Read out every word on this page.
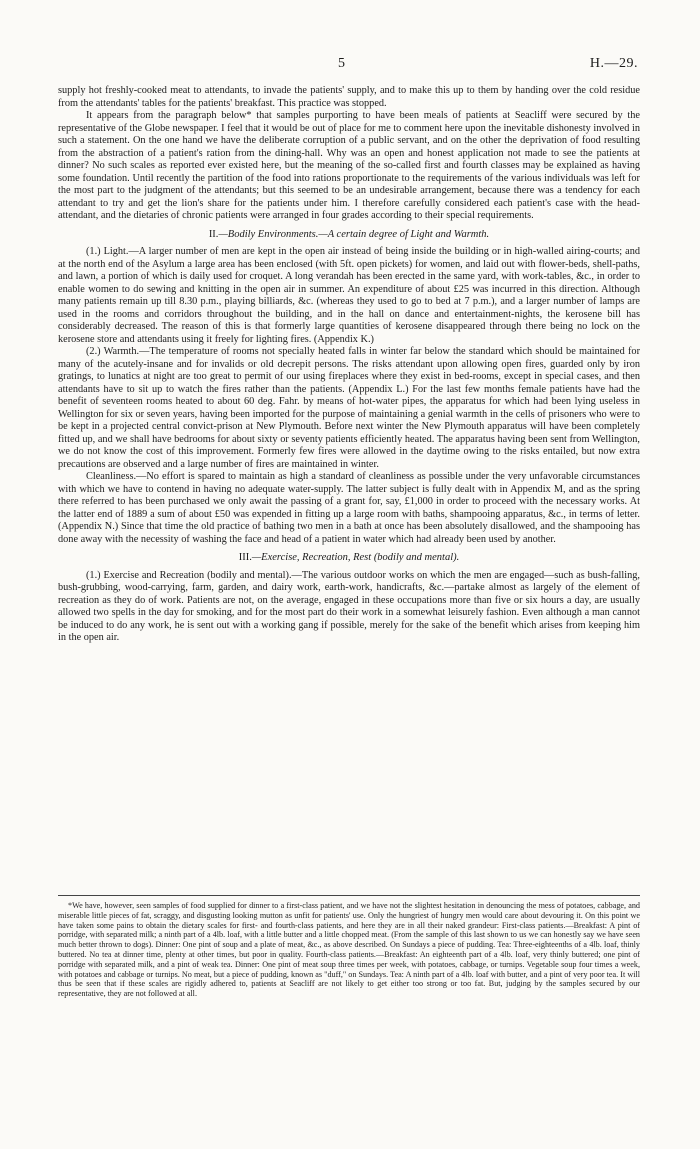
5	H.—29.

supply hot freshly-cooked meat to attendants, to invade the patients' supply, and to make this up to them by handing over the cold residue from the attendants' tables for the patients' breakfast. This practice was stopped.

It appears from the paragraph below* that samples purporting to have been meals of patients at Seacliff were secured by the representative of the Globe newspaper. I feel that it would be out of place for me to comment here upon the inevitable dishonesty involved in such a statement. On the one hand we have the deliberate corruption of a public servant, and on the other the deprivation of food resulting from the abstraction of a patient's ration from the dining-hall. Why was an open and honest application not made to see the patients at dinner? No such scales as reported ever existed here, but the meaning of the so-called first and fourth classes may be explained as having some foundation. Until recently the partition of the food into rations proportionate to the requirements of the various individuals was left for the most part to the judgment of the attendants; but this seemed to be an undesirable arrangement, because there was a tendency for each attendant to try and get the lion's share for the patients under him. I therefore carefully considered each patient's case with the head-attendant, and the dietaries of chronic patients were arranged in four grades according to their special requirements.

II.—Bodily Environments.—A certain degree of Light and Warmth.

(1.) Light.—A larger number of men are kept in the open air instead of being inside the building or in high-walled airing-courts; and at the north end of the Asylum a large area has been enclosed (with 5ft. open pickets) for women, and laid out with flower-beds, shell-paths, and lawn, a portion of which is daily used for croquet. A long verandah has been erected in the same yard, with work-tables, &c., in order to enable women to do sewing and knitting in the open air in summer. An expenditure of about £25 was incurred in this direction. Although many patients remain up till 8.30 p.m., playing billiards, &c. (whereas they used to go to bed at 7 p.m.), and a larger number of lamps are used in the rooms and corridors throughout the building, and in the hall on dance and entertainment-nights, the kerosene bill has considerably decreased. The reason of this is that formerly large quantities of kerosene disappeared through there being no lock on the kerosene store and attendants using it freely for lighting fires. (Appendix K.)

(2.) Warmth.—The temperature of rooms not specially heated falls in winter far below the standard which should be maintained for many of the acutely-insane and for invalids or old decrepit persons. The risks attendant upon allowing open fires, guarded only by iron gratings, to lunatics at night are too great to permit of our using fireplaces where they exist in bed-rooms, except in special cases, and then attendants have to sit up to watch the fires rather than the patients. (Appendix L.) For the last few months female patients have had the benefit of seventeen rooms heated to about 60 deg. Fahr. by means of hot-water pipes, the apparatus for which had been lying useless in Wellington for six or seven years, having been imported for the purpose of maintaining a genial warmth in the cells of prisoners who were to be kept in a projected central convict-prison at New Plymouth. Before next winter the New Plymouth apparatus will have been completely fitted up, and we shall have bedrooms for about sixty or seventy patients efficiently heated. The apparatus having been sent from Wellington, we do not know the cost of this improvement. Formerly few fires were allowed in the daytime owing to the risks entailed, but now extra precautions are observed and a large number of fires are maintained in winter.

Cleanliness.—No effort is spared to maintain as high a standard of cleanliness as possible under the very unfavorable circumstances with which we have to contend in having no adequate water-supply. The latter subject is fully dealt with in Appendix M, and as the spring there referred to has been purchased we only await the passing of a grant for, say, £1,000 in order to proceed with the necessary works. At the latter end of 1889 a sum of about £50 was expended in fitting up a large room with baths, shampooing apparatus, &c., in terms of letter. (Appendix N.) Since that time the old practice of bathing two men in a bath at once has been absolutely disallowed, and the shampooing has done away with the necessity of washing the face and head of a patient in water which had already been used by another.

III.—Exercise, Recreation, Rest (bodily and mental).

(1.) Exercise and Recreation (bodily and mental).—The various outdoor works on which the men are engaged—such as bush-falling, bush-grubbing, wood-carrying, farm, garden, and dairy work, earth-work, handicrafts, &c.—partake almost as largely of the element of recreation as they do of work. Patients are not, on the average, engaged in these occupations more than five or six hours a day, are usually allowed two spells in the day for smoking, and for the most part do their work in a somewhat leisurely fashion. Even although a man cannot be induced to do any work, he is sent out with a working gang if possible, merely for the sake of the benefit which arises from keeping him in the open air.

*We have, however, seen samples of food supplied for dinner to a first-class patient, and we have not the slightest hesitation in denouncing the mess of potatoes, cabbage, and miserable little pieces of fat, scraggy, and disgusting looking mutton as unfit for patients' use. Only the hungriest of hungry men would care about devouring it. On this point we have taken some pains to obtain the dietary scales for first- and fourth-class patients, and here they are in all their naked grandeur: First-class patients.—Breakfast: A pint of porridge, with separated milk; a ninth part of a 4lb. loaf, with a little butter and a little chopped meat. (From the sample of this last shown to us we can honestly say we have seen much better thrown to dogs). Dinner: One pint of soup and a plate of meat, &c., as above described. On Sundays a piece of pudding. Tea: Three-eighteenths of a 4lb. loaf, thinly buttered. No tea at dinner time, plenty at other times, but poor in quality. Fourth-class patients.—Breakfast: An eighteenth part of a 4lb. loaf, very thinly buttered; one pint of porridge with separated milk, and a pint of weak tea. Dinner: One pint of meat soup three times per week, with potatoes, cabbage, or turnips. Vegetable soup four times a week, with potatoes and cabbage or turnips. No meat, but a piece of pudding, known as "duff," on Sundays. Tea: A ninth part of a 4lb. loaf with butter, and a pint of very poor tea. It will thus be seen that if these scales are rigidly adhered to, patients at Seacliff are not likely to get either too strong or too fat. But, judging by the samples secured by our representative, they are not followed at all.
